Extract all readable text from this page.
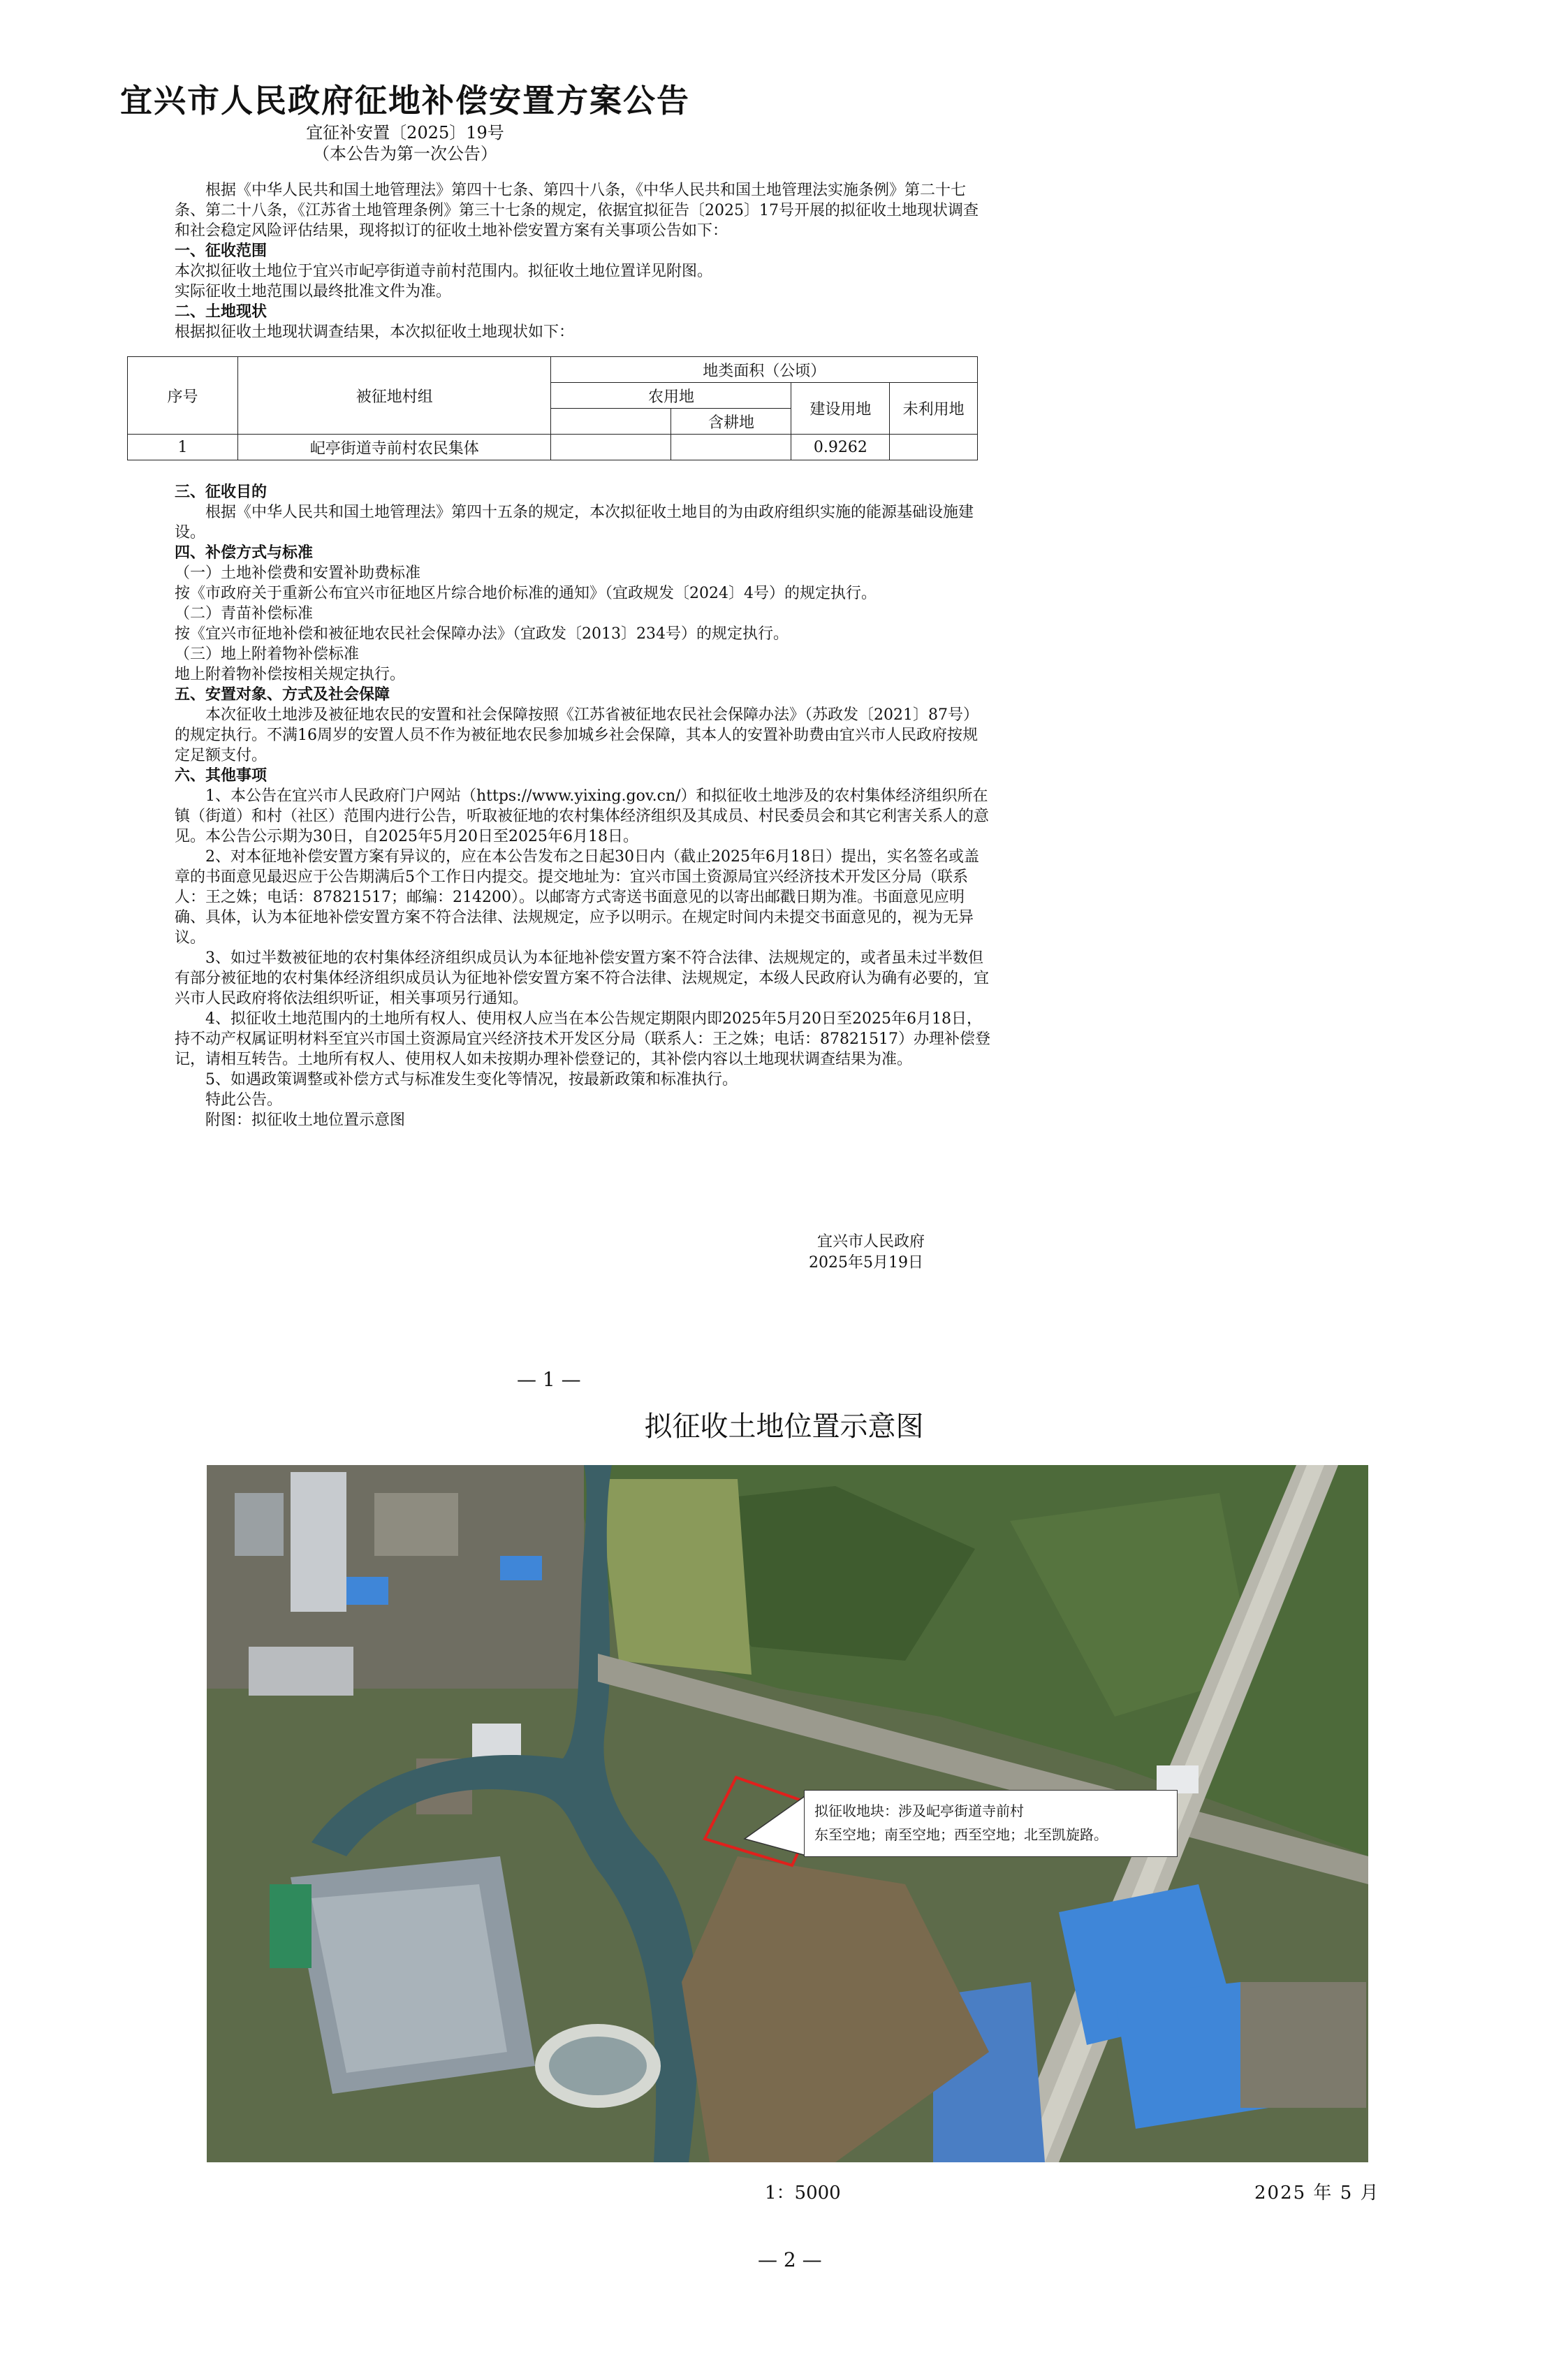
宜兴市人民政府征地补偿安置方案公告
宜征补安置〔2025〕19号
（本公告为第一次公告）

根据《中华人民共和国土地管理法》第四十七条、第四十八条，《中华人民共和国土地管理法实施条例》第二十七条、第二十八条，《江苏省土地管理条例》第三十七条的规定，依据宜拟征告〔2025〕17号开展的拟征收土地现状调查和社会稳定风险评估结果，现将拟订的征收土地补偿安置方案有关事项公告如下：

一、征收范围

本次拟征收土地位于宜兴市屺亭街道寺前村范围内。拟征收土地位置详见附图。

实际征收土地范围以最终批准文件为准。

二、土地现状

根据拟征收土地现状调查结果，本次拟征收土地现状如下：

序号	被征地村组	地类面积（公顷）			
		农用地		建设用地	未利用地
			含耕地		
1	屺亭街道寺前村农民集体			0.9262	

三、征收目的

根据《中华人民共和国土地管理法》第四十五条的规定，本次拟征收土地目的为由政府组织实施的能源基础设施建设。

四、补偿方式与标准

（一）土地补偿费和安置补助费标准

按《市政府关于重新公布宜兴市征地区片综合地价标准的通知》（宜政规发〔2024〕4号）的规定执行。

（二）青苗补偿标准

按《宜兴市征地补偿和被征地农民社会保障办法》（宜政发〔2013〕234号）的规定执行。

（三）地上附着物补偿标准

地上附着物补偿按相关规定执行。

五、安置对象、方式及社会保障

本次征收土地涉及被征地农民的安置和社会保障按照《江苏省被征地农民社会保障办法》（苏政发〔2021〕87号）的规定执行。不满16周岁的安置人员不作为被征地农民参加城乡社会保障，其本人的安置补助费由宜兴市人民政府按规定足额支付。

六、其他事项

1、本公告在宜兴市人民政府门户网站（https://www.yixing.gov.cn/）和拟征收土地涉及的农村集体经济组织所在镇（街道）和村（社区）范围内进行公告，听取被征地的农村集体经济组织及其成员、村民委员会和其它利害关系人的意见。本公告公示期为30日，自2025年5月20日至2025年6月18日。

2、对本征地补偿安置方案有异议的，应在本公告发布之日起30日内（截止2025年6月18日）提出，实名签名或盖章的书面意见最迟应于公告期满后5个工作日内提交。提交地址为：宜兴市国土资源局宜兴经济技术开发区分局（联系人：王之姝；电话：87821517；邮编：214200）。以邮寄方式寄送书面意见的以寄出邮戳日期为准。书面意见应明确、具体，认为本征地补偿安置方案不符合法律、法规规定，应予以明示。在规定时间内未提交书面意见的，视为无异议。

3、如过半数被征地的农村集体经济组织成员认为本征地补偿安置方案不符合法律、法规规定的，或者虽未过半数但有部分被征地的农村集体经济组织成员认为征地补偿安置方案不符合法律、法规规定，本级人民政府认为确有必要的，宜兴市人民政府将依法组织听证，相关事项另行通知。

4、拟征收土地范围内的土地所有权人、使用权人应当在本公告规定期限内即2025年5月20日至2025年6月18日，持不动产权属证明材料至宜兴市国土资源局宜兴经济技术开发区分局（联系人：王之姝；电话：87821517）办理补偿登记，请相互转告。土地所有权人、使用权人如未按期办理补偿登记的，其补偿内容以土地现状调查结果为准。

5、如遇政策调整或补偿方式与标准发生变化等情况，按最新政策和标准执行。

特此公告。

附图：拟征收土地位置示意图

宜兴市人民政府
2025年5月19日
— 1 —
拟征收土地位置示意图
拟征收地块：涉及屺亭街道寺前村
东至空地；南至空地；西至空地；北至凯旋路。
1：5000	2025 年 5 月
— 2 —
